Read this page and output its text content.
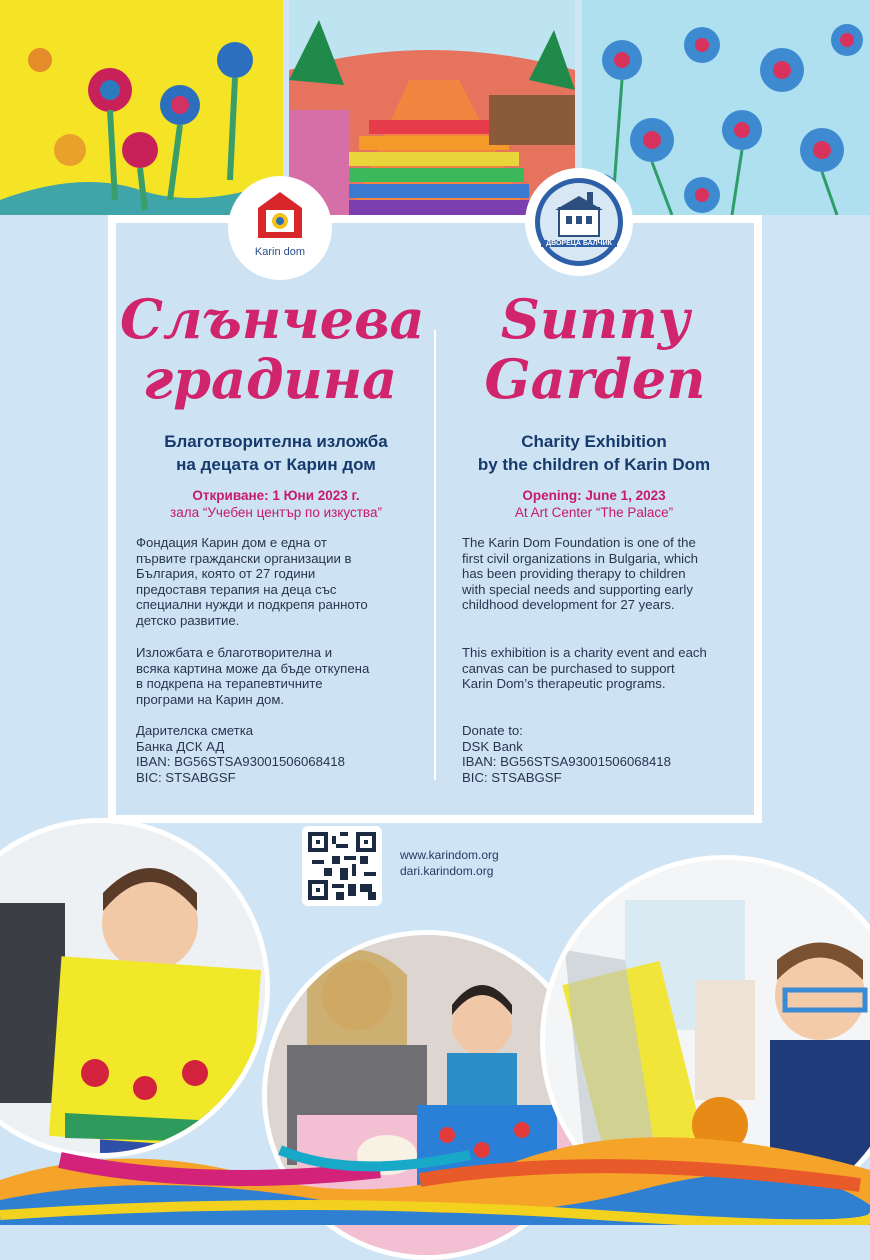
Karin dom
ДВОРЕЦА БАЛЧИК
Слънчева
градина
Благотворителна изложба
на децата от Карин дом
Откриване: 1 Юни 2023 г.
зала “Учебен център по изкуства”
Фондация Карин дом е една от
първите граждански организации в
България, която от 27 години
предоставя терапия на деца със
специални нужди и подкрепя ранното
детско развитие.
Изложбата е благотворителна и
всяка картина може да бъде откупена
в подкрепа на терапевтичните
програми на Карин дом.
Дарителска сметка
Банка ДСК АД
IBAN: BG56STSA93001506068418
BIC: STSABGSF
Sunny
Garden
Charity Exhibition
by the children of Karin Dom
Opening: June 1, 2023
At Art Center “The Palace”
The Karin Dom Foundation is one of the
first civil organizations in Bulgaria, which
has been providing therapy to children
with special needs and supporting early
childhood development for 27 years.
This exhibition is a charity event and each
canvas can be purchased to support
Karin Dom’s therapeutic programs.
Donate to:
DSK Bank
IBAN: BG56STSA93001506068418
BIC: STSABGSF
www.karindom.org
dari.karindom.org
